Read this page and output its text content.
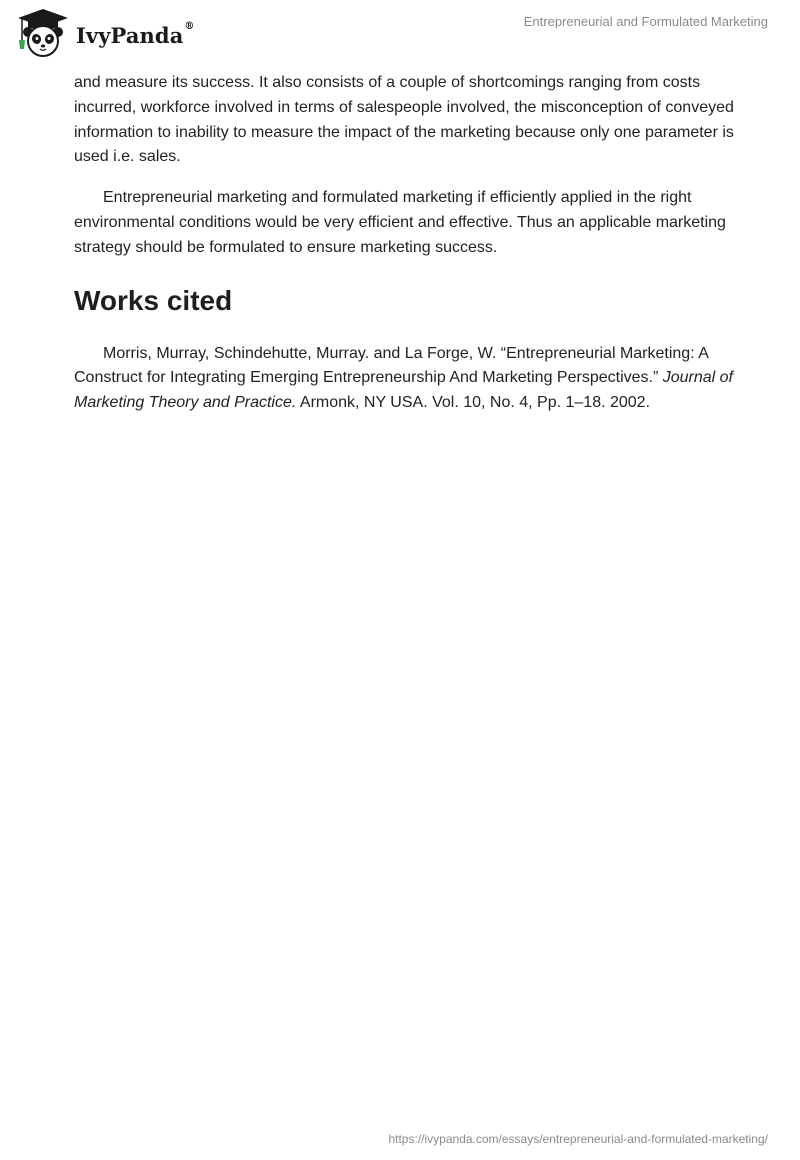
IvyPanda®	Entrepreneurial and Formulated Marketing

and measure its success. It also consists of a couple of shortcomings ranging from costs incurred, workforce involved in terms of salespeople involved, the misconception of conveyed information to inability to measure the impact of the marketing because only one parameter is used i.e. sales.

Entrepreneurial marketing and formulated marketing if efficiently applied in the right environmental conditions would be very efficient and effective. Thus an applicable marketing strategy should be formulated to ensure marketing success.

Works cited

Morris, Murray, Schindehutte, Murray. and La Forge, W. “Entrepreneurial Marketing: A Construct for Integrating Emerging Entrepreneurship And Marketing Perspectives.” Journal of Marketing Theory and Practice. Armonk, NY USA. Vol. 10, No. 4, Pp. 1–18. 2002.

https://ivypanda.com/essays/entrepreneurial-and-formulated-marketing/
